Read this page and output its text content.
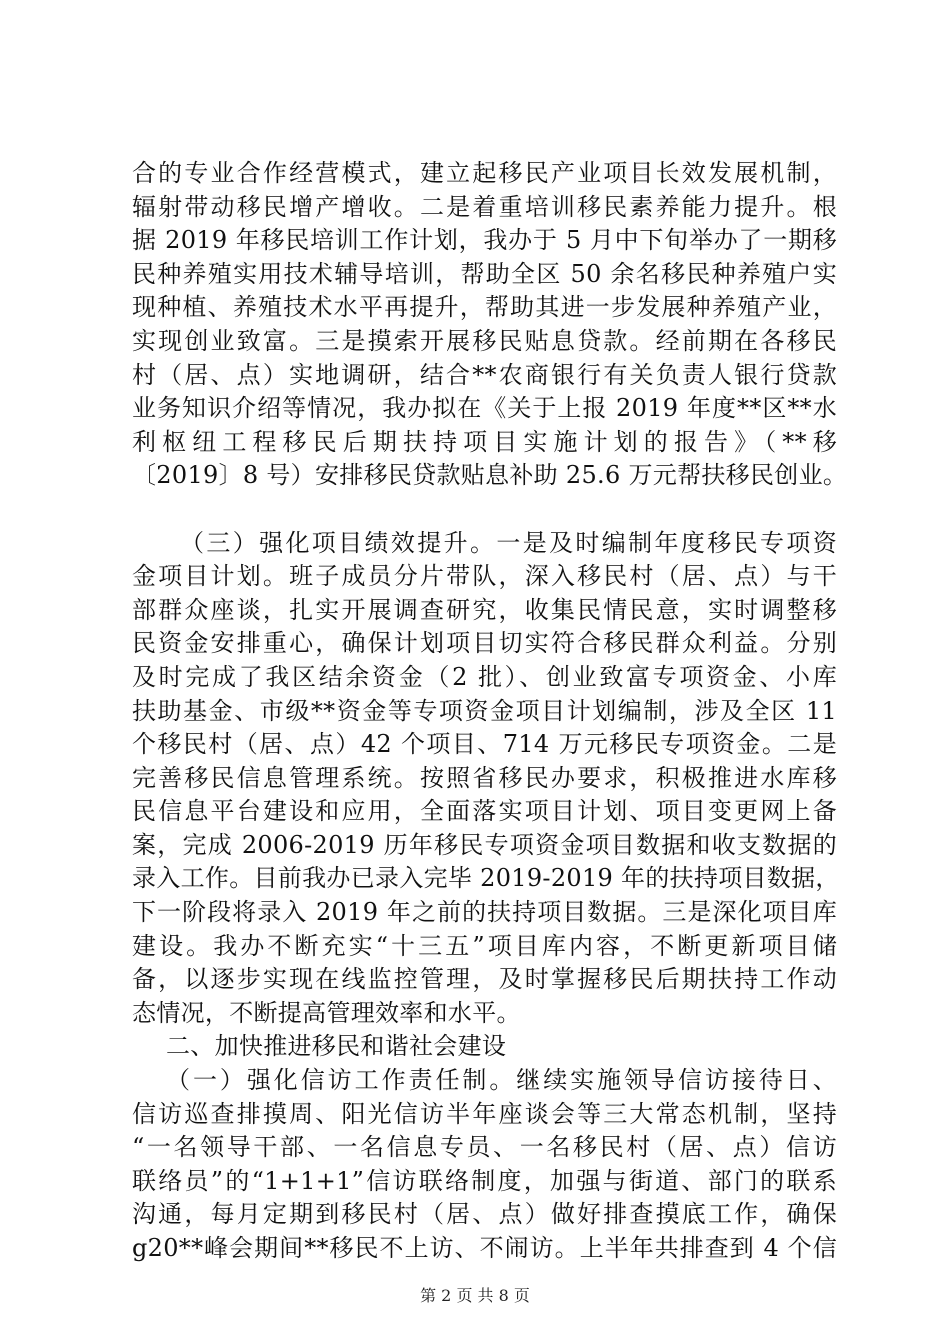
合的专业合作经营模式，建立起移民产业项目长效发展机制，
辐射带动移民增产增收。二是着重培训移民素养能力提升。根
据 2019 年移民培训工作计划，我办于 5 月中下旬举办了一期移
民种养殖实用技术辅导培训，帮助全区 50 余名移民种养殖户实
现种植、养殖技术水平再提升，帮助其进一步发展种养殖产业，
实现创业致富。三是摸索开展移民贴息贷款。经前期在各移民
村（居、点）实地调研，结合**农商银行有关负责人银行贷款
业务知识介绍等情况，我办拟在《关于上报 2019 年度**区**水
利枢纽工程移民后期扶持项目实施计划的报告》（**移
〔2019〕8 号）安排移民贷款贴息补助 25.6 万元帮扶移民创业。
（三）强化项目绩效提升。一是及时编制年度移民专项资
金项目计划。班子成员分片带队，深入移民村（居、点）与干
部群众座谈，扎实开展调查研究，收集民情民意，实时调整移
民资金安排重心，确保计划项目切实符合移民群众利益。分别
及时完成了我区结余资金（2 批）、创业致富专项资金、小库
扶助基金、市级**资金等专项资金项目计划编制，涉及全区 11
个移民村（居、点）42 个项目、714 万元移民专项资金。二是
完善移民信息管理系统。按照省移民办要求，积极推进水库移
民信息平台建设和应用，全面落实项目计划、项目变更网上备
案，完成 2006-2019 历年移民专项资金项目数据和收支数据的
录入工作。目前我办已录入完毕 2019-2019 年的扶持项目数据，
下一阶段将录入 2019 年之前的扶持项目数据。三是深化项目库
建设。我办不断充实“十三五”项目库内容，不断更新项目储
备，以逐步实现在线监控管理，及时掌握移民后期扶持工作动
态情况，不断提高管理效率和水平。
二、加快推进移民和谐社会建设
（一）强化信访工作责任制。继续实施领导信访接待日、
信访巡查排摸周、阳光信访半年座谈会等三大常态机制，坚持
“一名领导干部、一名信息专员、一名移民村（居、点）信访
联络员”的“1+1+1”信访联络制度，加强与街道、部门的联系
沟通，每月定期到移民村（居、点）做好排查摸底工作，确保
g20**峰会期间**移民不上访、不闹访。上半年共排查到 4 个信
第 2 页 共 8 页
